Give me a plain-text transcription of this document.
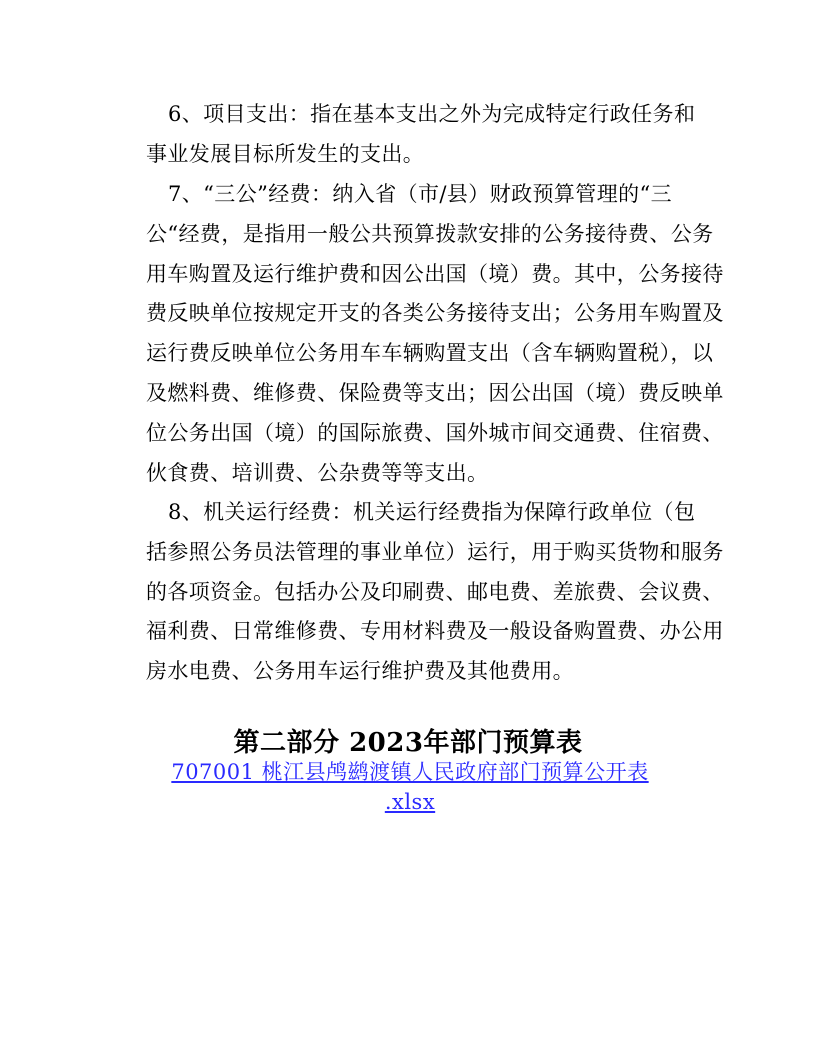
6、项目支出：指在基本支出之外为完成特定行政任务和
事业发展目标所发生的支出。

7、“三公”经费：纳入省（市/县）财政预算管理的“三
公“经费，是指用一般公共预算拨款安排的公务接待费、公务
用车购置及运行维护费和因公出国（境）费。其中，公务接待
费反映单位按规定开支的各类公务接待支出；公务用车购置及
运行费反映单位公务用车车辆购置支出（含车辆购置税），以
及燃料费、维修费、保险费等支出；因公出国（境）费反映单
位公务出国（境）的国际旅费、国外城市间交通费、住宿费、
伙食费、培训费、公杂费等等支出。

8、机关运行经费：机关运行经费指为保障行政单位（包
括参照公务员法管理的事业单位）运行，用于购买货物和服务
的各项资金。包括办公及印刷费、邮电费、差旅费、会议费、
福利费、日常维修费、专用材料费及一般设备购置费、办公用
房水电费、公务用车运行维护费及其他费用。

第二部分 2023年部门预算表
707001 桃江县鸬鹚渡镇人民政府部门预算公开表
.xlsx
